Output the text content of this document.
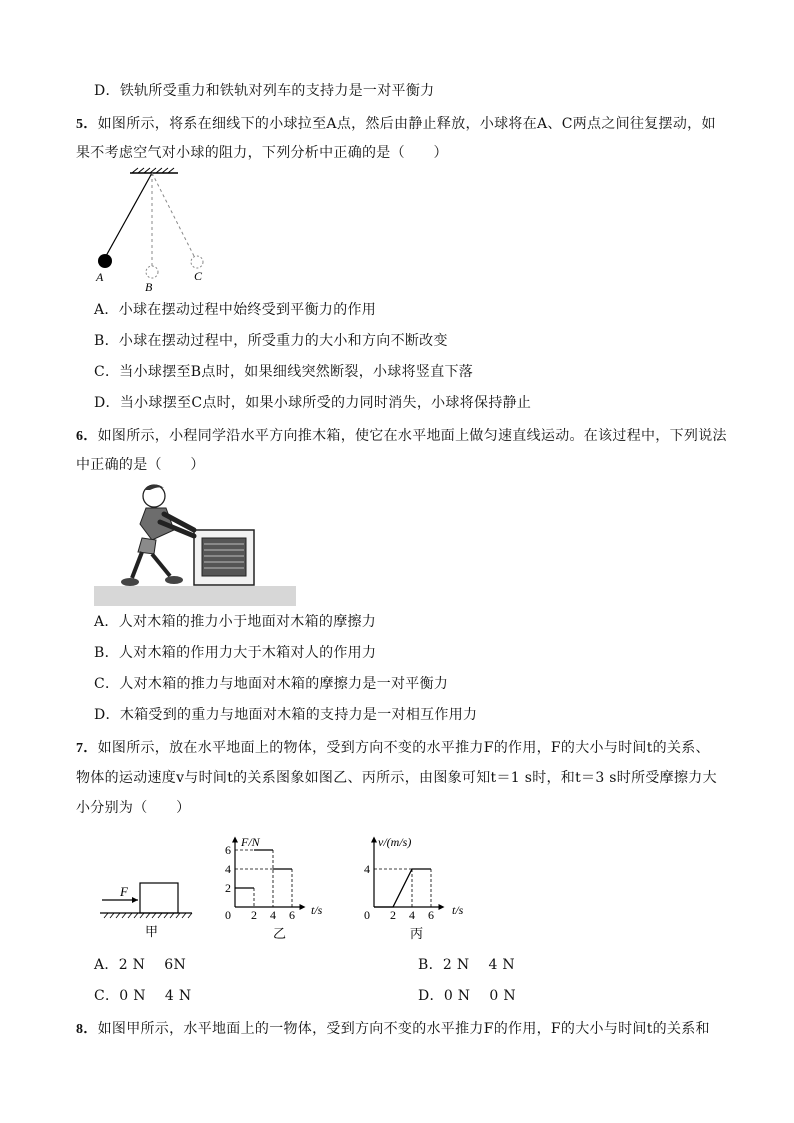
D．铁轨所受重力和铁轨对列车的支持力是一对平衡力
5．如图所示，将系在细线下的小球拉至A点，然后由静止释放，小球将在A、C两点之间往复摆动，如
果不考虑空气对小球的阻力，下列分析中正确的是（　　）
A
B
C
A．小球在摆动过程中始终受到平衡力的作用
B．小球在摆动过程中，所受重力的大小和方向不断改变
C．当小球摆至B点时，如果细线突然断裂，小球将竖直下落
D．当小球摆至C点时，如果小球所受的力同时消失，小球将保持静止
6．如图所示，小程同学沿水平方向推木箱，使它在水平地面上做匀速直线运动。在该过程中，下列说法
中正确的是（　　）
A．人对木箱的推力小于地面对木箱的摩擦力
B．人对木箱的作用力大于木箱对人的作用力
C．人对木箱的推力与地面对木箱的摩擦力是一对平衡力
D．木箱受到的重力与地面对木箱的支持力是一对相互作用力
7．如图所示，放在水平地面上的物体，受到方向不变的水平推力F的作用，F的大小与时间t的关系、
物体的运动速度v与时间t的关系图象如图乙、丙所示，由图象可知t＝1 s时，和t＝3 s时所受摩擦力大
小分别为（　　）
F
甲
F/N
t/s
乙
0 2 4 6
2
4
6
v/(m/s)
t/s
丙
0 2 4 6
4
A．2 N　 6N	B．2 N　 4 N
C．0 N　 4 N	D．0 N　 0 N
8．如图甲所示，水平地面上的一物体，受到方向不变的水平推力F的作用，F的大小与时间t的关系和
